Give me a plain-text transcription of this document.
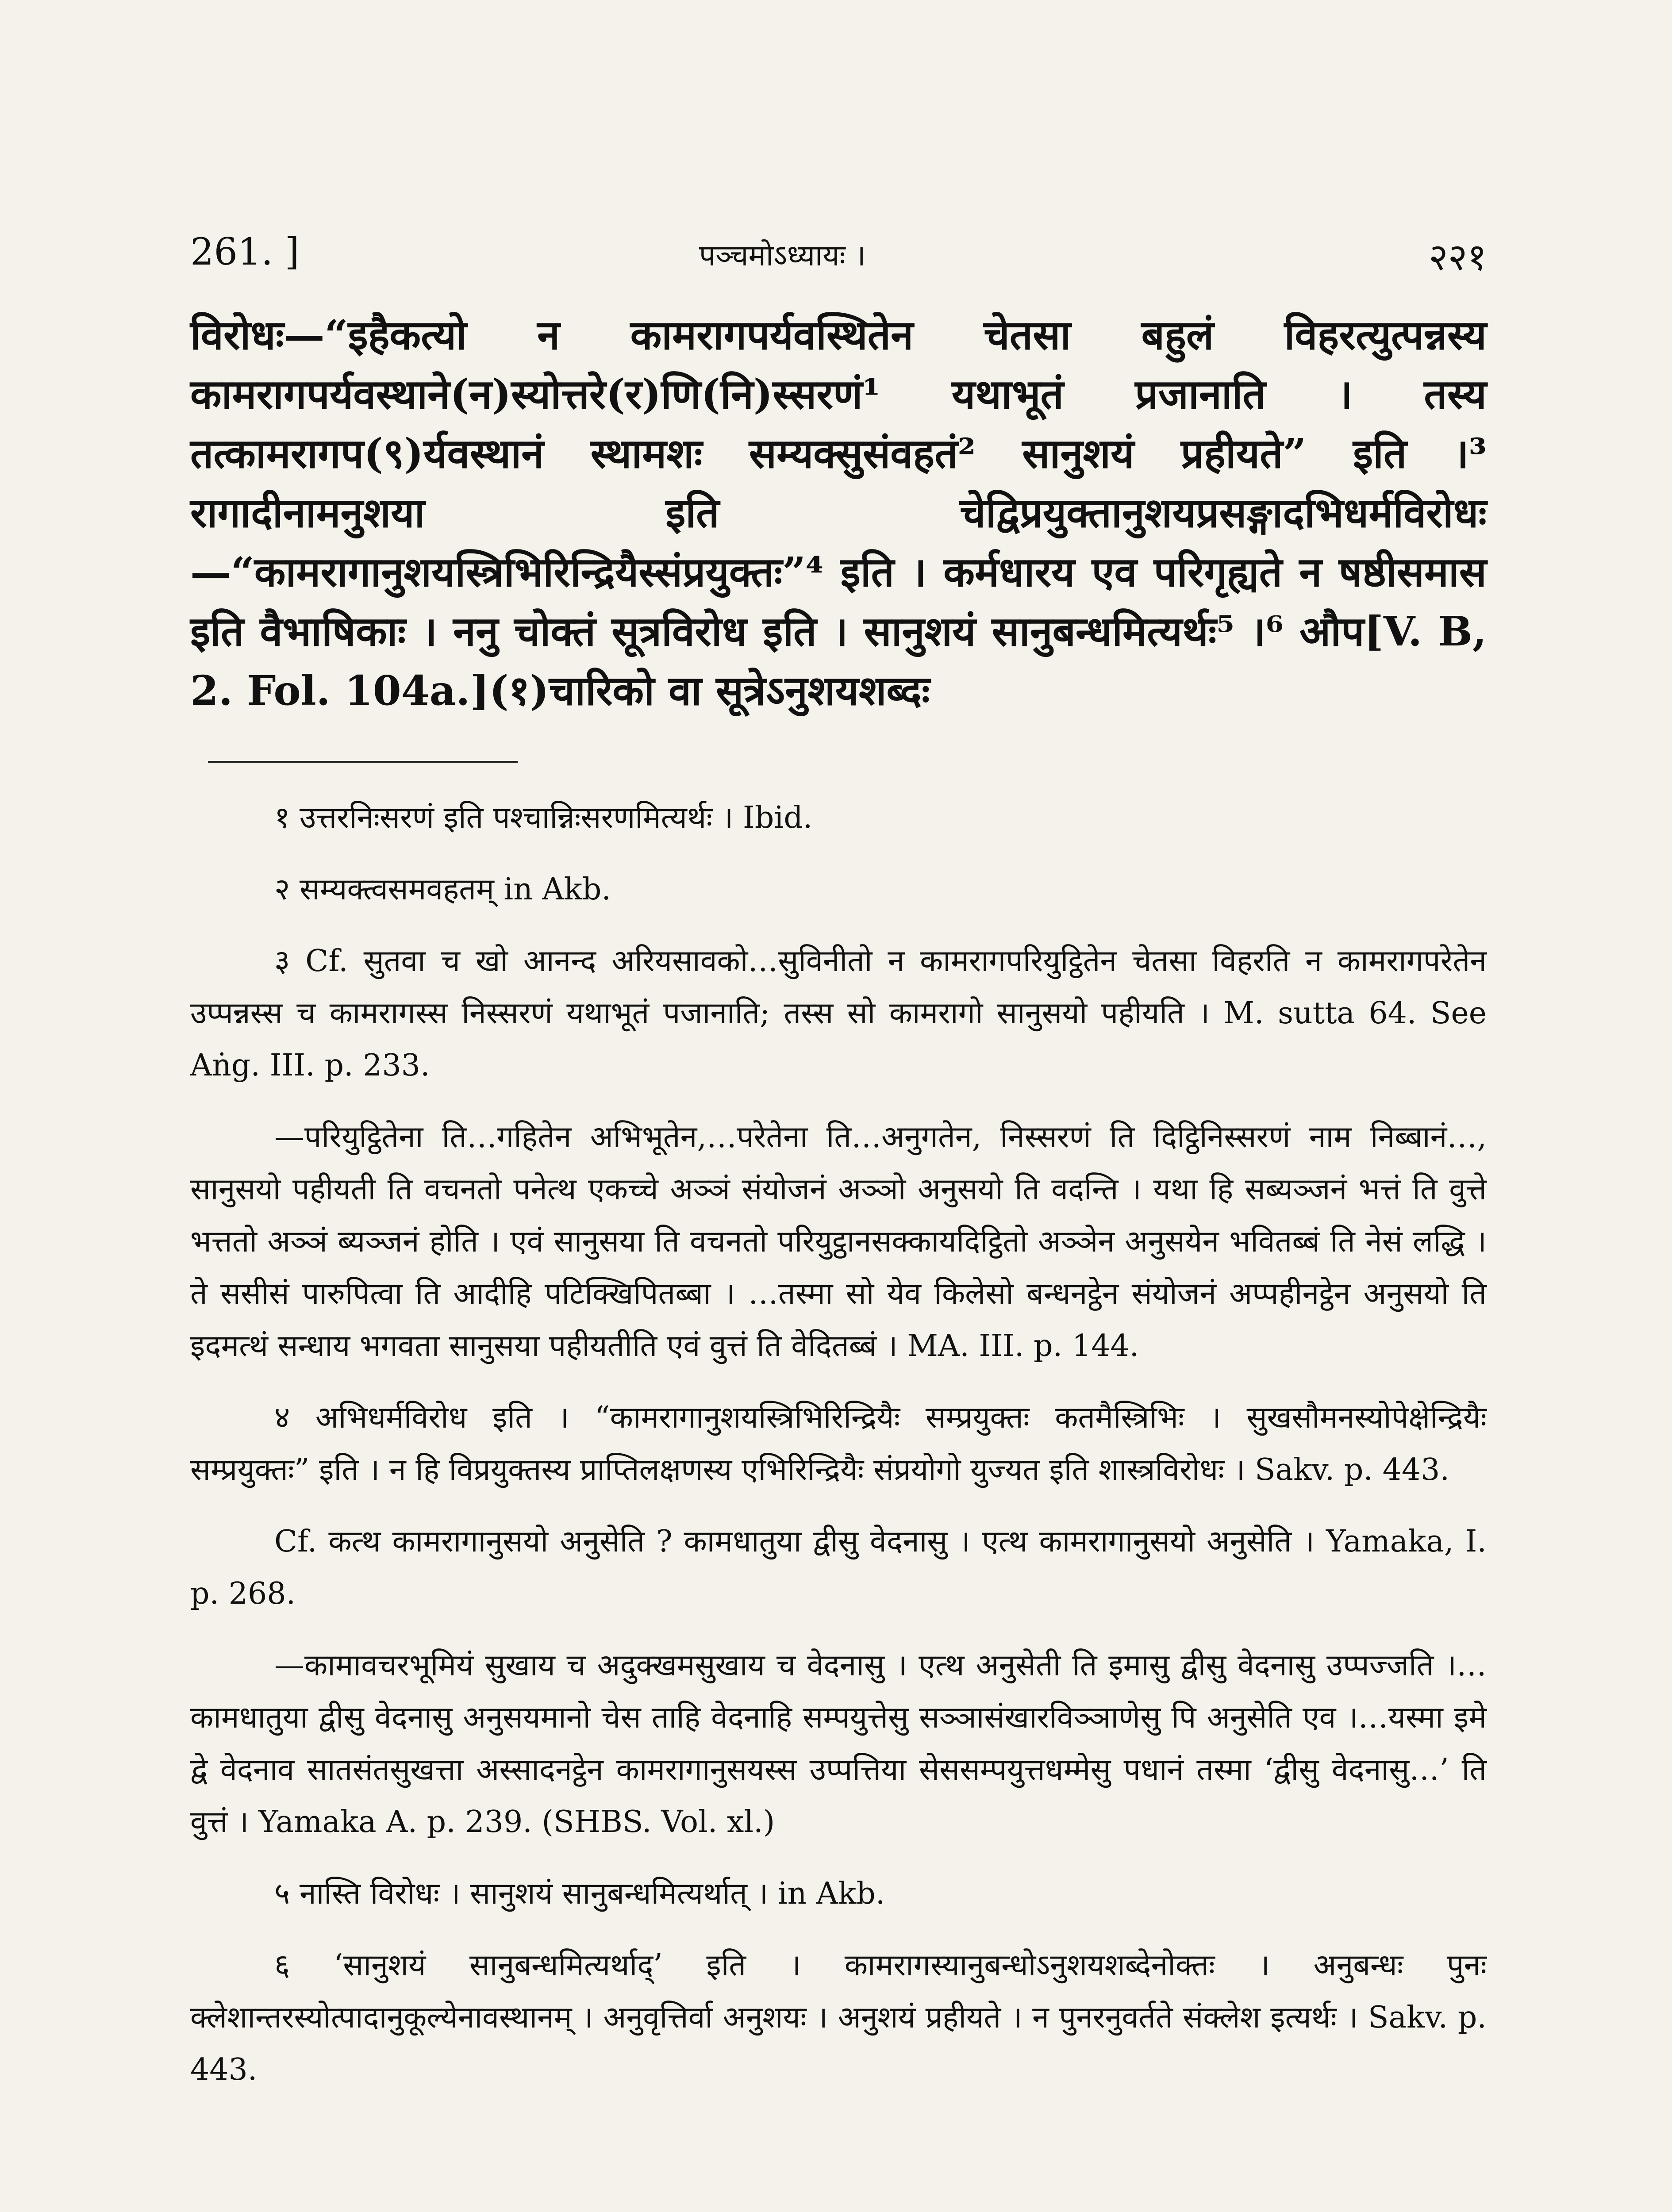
261. ]	पञ्चमोऽध्यायः ।	२२१
विरोधः—“इहैकत्यो न कामरागपर्यवस्थितेन चेतसा बहुलं विहरत्युत्पन्नस्य कामरागपर्यवस्थाने(न)स्योत्तरे(र)णि(नि)स्सरणं¹ यथाभूतं प्रजानाति । तस्य तत्कामरागप(९)र्यवस्थानं स्थामशः सम्यक्सुसंवहतं² सानुशयं प्रहीयते” इति ।³ रागादीनामनुशया इति चेद्विप्रयुक्तानुशयप्रसङ्गादभिधर्मविरोधः—“कामरागानुशयस्त्रिभिरिन्द्रियैस्संप्रयुक्तः”⁴ इति । कर्मधारय एव परिगृह्यते न षष्ठीसमास इति वैभाषिकाः । ननु चोक्तं सूत्रविरोध इति । सानुशयं सानुबन्धमित्यर्थः⁵ ।⁶ औप[V. B, 2. Fol. 104a.](१)चारिको वा सूत्रेऽनुशयशब्दः

१ उत्तरनिःसरणं इति पश्चान्निःसरणमित्यर्थः । Ibid.

२ सम्यक्त्वसमवहतम् in Akb.

३ Cf. सुतवा च खो आनन्द अरियसावको…सुविनीतो न कामरागपरियुट्ठितेन चेतसा विहरति न कामरागपरेतेन उप्पन्नस्स च कामरागस्स निस्सरणं यथाभूतं पजानाति; तस्स सो कामरागो सानुसयो पहीयति । M. sutta 64. See Aṅg. III. p. 233.

—परियुट्ठितेना ति…गहितेन अभिभूतेन,…परेतेना ति…अनुगतेन, निस्सरणं ति दिट्ठिनिस्सरणं नाम निब्बानं…, सानुसयो पहीयती ति वचनतो पनेत्थ एकच्चे अञ्ञं संयोजनं अञ्ञो अनुसयो ति वदन्ति । यथा हि सब्यञ्जनं भत्तं ति वुत्ते भत्ततो अञ्ञं ब्यञ्जनं होति । एवं सानुसया ति वचनतो परियुट्ठानसक्कायदिट्ठितो अञ्ञेन अनुसयेन भवितब्बं ति नेसं लद्धि । ते ससीसं पारुपित्वा ति आदीहि पटिक्खिपितब्बा । …तस्मा सो येव किलेसो बन्धनट्ठेन संयोजनं अप्पहीनट्ठेन अनुसयो ति इदमत्थं सन्धाय भगवता सानुसया पहीयतीति एवं वुत्तं ति वेदितब्बं । MA. III. p. 144.

४ अभिधर्मविरोध इति । “कामरागानुशयस्त्रिभिरिन्द्रियैः सम्प्रयुक्तः कतमैस्त्रिभिः । सुखसौमनस्योपेक्षेन्द्रियैः सम्प्रयुक्तः” इति । न हि विप्रयुक्तस्य प्राप्तिलक्षणस्य एभिरिन्द्रियैः संप्रयोगो युज्यत इति शास्त्रविरोधः । Sakv. p. 443.

Cf. कत्थ कामरागानुसयो अनुसेति ? कामधातुया द्वीसु वेदनासु । एत्थ कामरागानुसयो अनुसेति । Yamaka, I. p. 268.

—कामावचरभूमियं सुखाय च अदुक्खमसुखाय च वेदनासु । एत्थ अनुसेती ति इमासु द्वीसु वेदनासु उप्पज्जति ।…कामधातुया द्वीसु वेदनासु अनुसयमानो चेस ताहि वेदनाहि सम्पयुत्तेसु सञ्ञासंखारविञ्ञाणेसु पि अनुसेति एव ।…यस्मा इमे द्वे वेदनाव सातसंतसुखत्ता अस्सादनट्ठेन कामरागानुसयस्स उप्पत्तिया सेससम्पयुत्तधम्मेसु पधानं तस्मा ‘द्वीसु वेदनासु…’ ति वुत्तं । Yamaka A. p. 239. (SHBS. Vol. xl.)

५ नास्ति विरोधः । सानुशयं सानुबन्धमित्यर्थात् । in Akb.

६ ‘सानुशयं सानुबन्धमित्यर्थाद्’ इति । कामरागस्यानुबन्धोऽनुशयशब्देनोक्तः । अनुबन्धः पुनः क्लेशान्तरस्योत्पादानुकूल्येनावस्थानम् । अनुवृत्तिर्वा अनुशयः । अनुशयं प्रहीयते । न पुनरनुवर्तते संक्लेश इत्यर्थः । Sakv. p. 443.
